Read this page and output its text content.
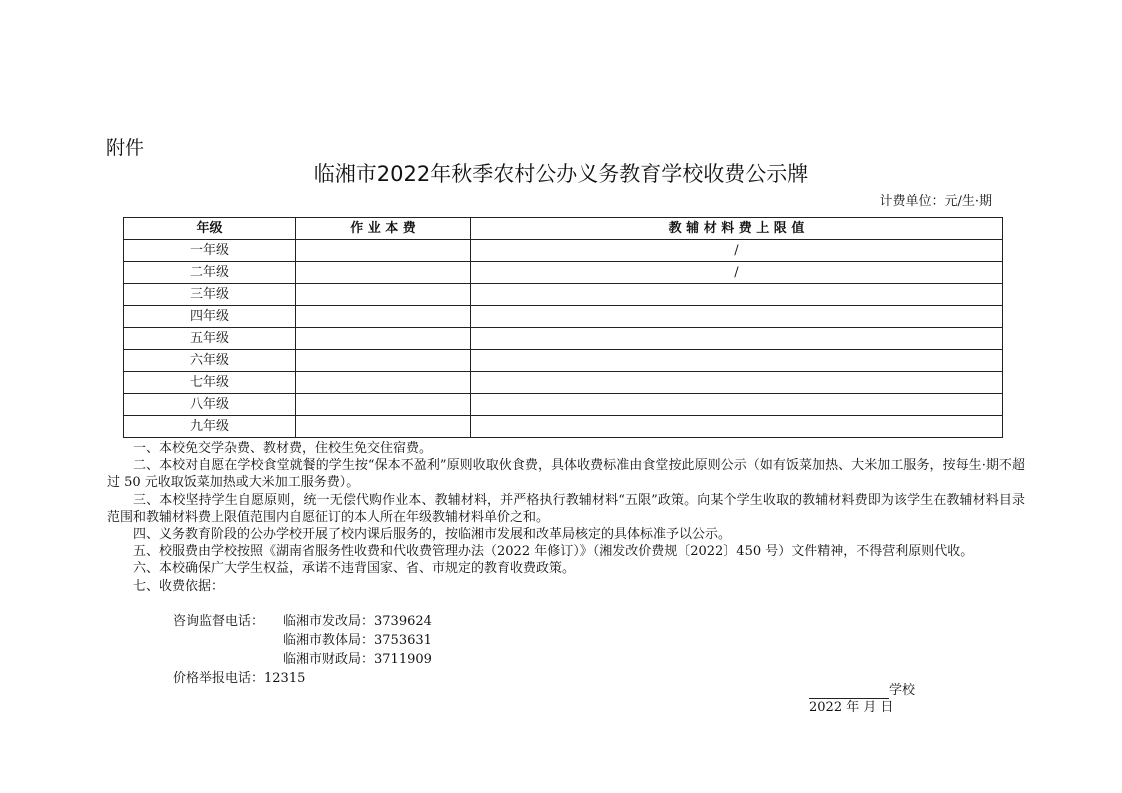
附件
临湘市2022年秋季农村公办义务教育学校收费公示牌
计费单位：元/生·期
年级	作 业 本 费	教 辅 材 料 费 上 限 值
一年级		/
二年级		/
三年级		
四年级		
五年级		
六年级		
七年级		
八年级		
九年级		

一、本校免交学杂费、教材费，住校生免交住宿费。

二、本校对自愿在学校食堂就餐的学生按“保本不盈利”原则收取伙食费，具体收费标准由食堂按此原则公示（如有饭菜加热、大米加工服务，按每生·期不超过 50 元收取饭菜加热或大米加工服务费）。

三、本校坚持学生自愿原则，统一无偿代购作业本、教辅材料，并严格执行教辅材料“五限”政策。向某个学生收取的教辅材料费即为该学生在教辅材料目录范围和教辅材料费上限值范围内自愿征订的本人所在年级教辅材料单价之和。

四、义务教育阶段的公办学校开展了校内课后服务的，按临湘市发展和改革局核定的具体标准予以公示。

五、校服费由学校按照《湖南省服务性收费和代收费管理办法（2022 年修订）》（湘发改价费规〔2022〕450 号）文件精神，不得营利原则代收。

六、本校确保广大学生权益，承诺不违背国家、省、市规定的教育收费政策。

七、收费依据：

咨询监督电话： 临湘市发改局：3739624
临湘市教体局：3753631
临湘市财政局：3711909
价格举报电话：12315
学校
2022 年 月 日
